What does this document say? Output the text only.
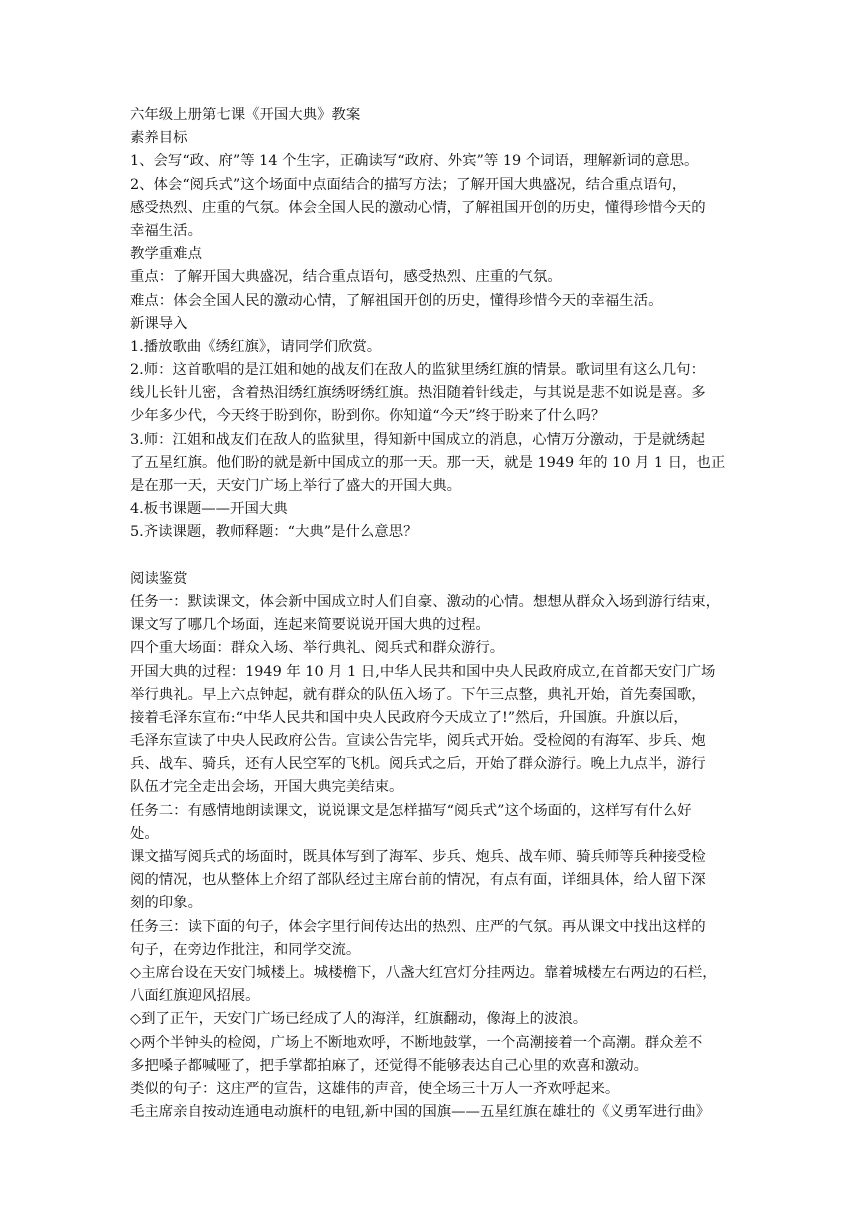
六年级上册第七课《开国大典》教案
素养目标
1、会写“政、府”等 14 个生字，正确读写“政府、外宾”等 19 个词语，理解新词的意思。
2、体会“阅兵式”这个场面中点面结合的描写方法；了解开国大典盛况，结合重点语句，
感受热烈、庄重的气氛。体会全国人民的激动心情，了解祖国开创的历史，懂得珍惜今天的
幸福生活。
教学重难点
重点：了解开国大典盛况，结合重点语句，感受热烈、庄重的气氛。
难点：体会全国人民的激动心情，了解祖国开创的历史，懂得珍惜今天的幸福生活。
新课导入
1.播放歌曲《绣红旗》，请同学们欣赏。
2.师：这首歌唱的是江姐和她的战友们在敌人的监狱里绣红旗的情景。歌词里有这么几句：
线儿长针儿密，含着热泪绣红旗绣呀绣红旗。热泪随着针线走，与其说是悲不如说是喜。多
少年多少代，今天终于盼到你，盼到你。你知道“今天”终于盼来了什么吗？
3.师：江姐和战友们在敌人的监狱里，得知新中国成立的消息，心情万分激动，于是就绣起
了五星红旗。他们盼的就是新中国成立的那一天。那一天，就是 1949 年的 10 月 1 日，也正
是在那一天，天安门广场上举行了盛大的开国大典。
4.板书课题——开国大典
5.齐读课题，教师释题：“大典”是什么意思？
阅读鉴赏
任务一：默读课文，体会新中国成立时人们自豪、激动的心情。想想从群众入场到游行结束，
课文写了哪几个场面，连起来简要说说开国大典的过程。
四个重大场面：群众入场、举行典礼、阅兵式和群众游行。
开国大典的过程：1949 年 10 月 1 日,中华人民共和国中央人民政府成立,在首都天安门广场
举行典礼。早上六点钟起，就有群众的队伍入场了。下午三点整，典礼开始，首先奏国歌，
接着毛泽东宣布:“中华人民共和国中央人民政府今天成立了!”然后，升国旗。升旗以后，
毛泽东宣读了中央人民政府公告。宣读公告完毕，阅兵式开始。受检阅的有海军、步兵、炮
兵、战车、骑兵，还有人民空军的飞机。阅兵式之后，开始了群众游行。晚上九点半，游行
队伍才完全走出会场，开国大典完美结束。
任务二：有感情地朗读课文，说说课文是怎样描写“阅兵式”这个场面的，这样写有什么好
处。
课文描写阅兵式的场面时，既具体写到了海军、步兵、炮兵、战车师、骑兵师等兵种接受检
阅的情况，也从整体上介绍了部队经过主席台前的情况，有点有面，详细具体，给人留下深
刻的印象。
任务三：读下面的句子，体会字里行间传达出的热烈、庄严的气氛。再从课文中找出这样的
句子，在旁边作批注，和同学交流。
◇主席台设在天安门城楼上。城楼檐下，八盏大红宫灯分挂两边。靠着城楼左右两边的石栏，
八面红旗迎风招展。
◇到了正午，天安门广场已经成了人的海洋，红旗翻动，像海上的波浪。
◇两个半钟头的检阅，广场上不断地欢呼，不断地鼓掌，一个高潮接着一个高潮。群众差不
多把嗓子都喊哑了，把手掌都拍麻了，还觉得不能够表达自己心里的欢喜和激动。
类似的句子：这庄严的宣告，这雄伟的声音，使全场三十万人一齐欢呼起来。
毛主席亲自按动连通电动旗杆的电钮,新中国的国旗——五星红旗在雄壮的《义勇军进行曲》
